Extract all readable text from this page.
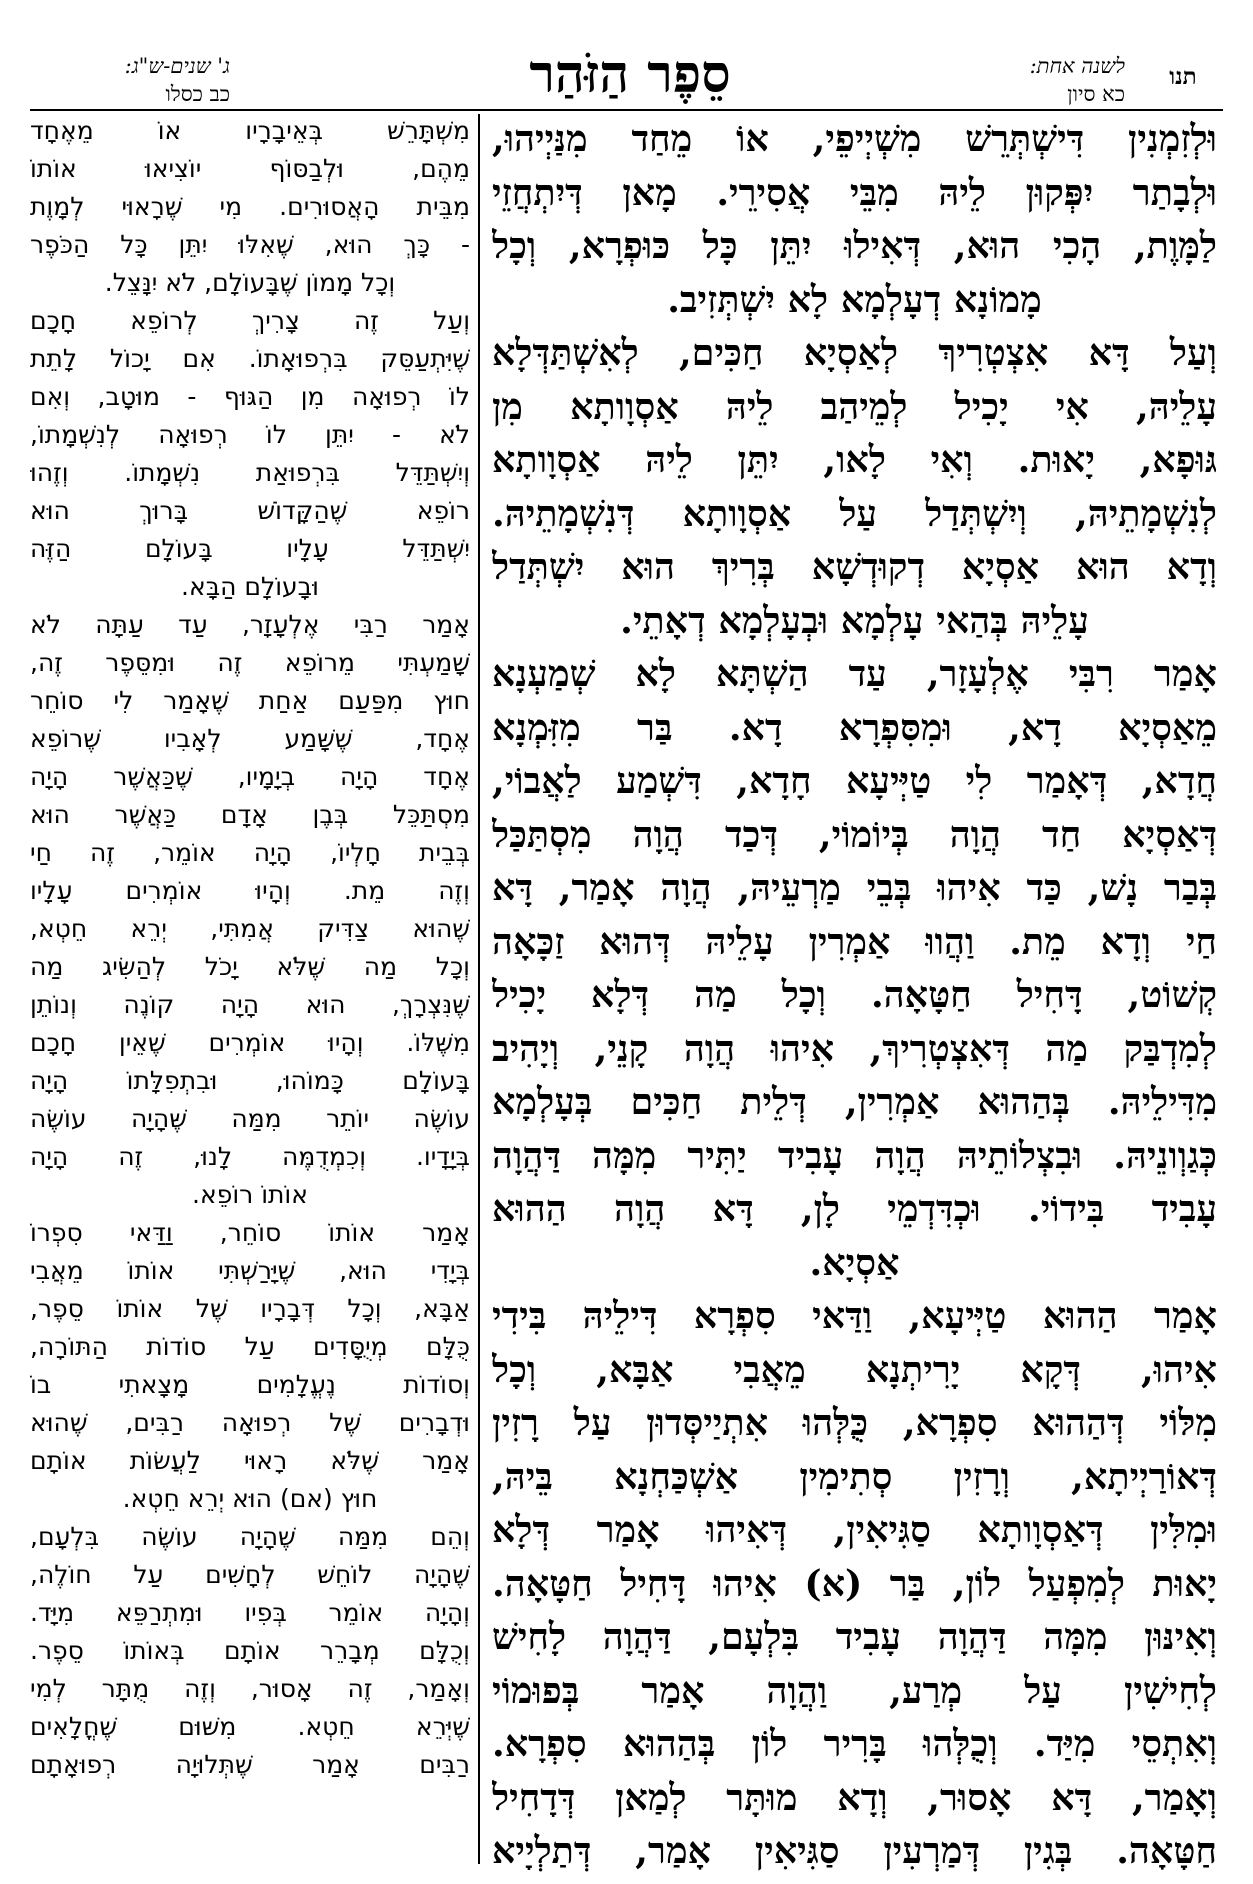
תנו
לשנה אחת:
כא סיון
סֵפֶר הַזֹּהַר
ג' שנים-ש"ג:
כב כסלו
וּלְזִמְנִין דִּישְׁתְּרֵשׁ מִשְׁיְיפֵי, אוֹ מֵחַד מִנַּיְיהוּ,
וּלְבָתַר יִפְּקוּן לֵיהּ מִבֵּי אֲסִירֵי. מָאן דְּיִתְחֲזֵי
לַמָּוֶת, הָכִי הוּא, דְּאִילוּ יִתֵּן כָּל כּוּפְרָא, וְכָל
מָמוֹנָא דְעָלְמָא לָא יִשְׁתְּזִיב.
וְעַל דָּא אִצְטְרִיךְ לְאַסְיָא חַכִּים, לְאִשְׁתַּדְּלָא
עָלֵיהּ, אִי יָכִיל לְמֵיהַב לֵיהּ אַסְוָותָא מִן
גּוּפָא, יָאוּת. וְאִי לָאו, יִתֵּן לֵיהּ אַסְוָותָא
לְנִשְׁמָתֵיהּ, וְיִשְׁתְּדַל עַל אַסְוָותָא דְּנִשְׁמָתֵיהּ.
וְדָא הוּא אַסְיָא דְקוּדְשָׁא בְּרִיךְ הוּא יִשְׁתְּדַל
עָלֵיהּ בְּהַאי עָלְמָא וּבְעָלְמָא דְאָתֵי.
אָמַר רִבִּי אֶלְעָזָר, עַד הַשְׁתָּא לָא שְׁמַעְנָא
מֵאַסְיָא דָא, וּמִסִּפְרָא דָא. בַּר מִזִּמְנָא
חֲדָא, דְּאָמַר לִי טַיְּיעָא חָדָא, דִּשְׁמַע לַאֲבוֹי,
דְּאַסְיָא חַד הֲוָה בְּיוֹמוֹי, דְּכַד הֲוָה מִסְתַּכַּל
בְּבַר נָשׁ, כַּד אִיהוּ בְּבֵי מַרְעֵיהּ, הֲוָה אָמַר, דָּא
חַי וְדָא מֵת. וַהֲווּ אַמְרִין עָלֵיהּ דְּהוּא זַכָּאָה
קְשׁוֹט, דָּחִיל חַטָּאָה. וְכָל מַה דְּלָא יָכִיל
לְמִדְבַּק מַה דְּאִצְטְרִיךְ, אִיהוּ הֲוָה קָנֵי, וְיָהִיב
מִדִּילֵיהּ. בְּהַהוּא אַמְרִין, דְּלֵית חַכִּים בְּעָלְמָא
כְּגַוְונֵיהּ. וּבִצְלוֹתֵיהּ הֲוָה עָבִיד יַתִּיר מִמָּה דַּהֲוָה
עָבִיד בִּידוֹי. וּכְדִּדְמֵי לָן, דָּא הֲוָה הַהוּא
אַסְיָא.
אָמַר הַהוּא טַיְּיעָא, וַדַּאי סִפְרָא דִּילֵיהּ בִּידִי
אִיהוּ, דְּקָא יָרִיתְנָא מֵאֲבִי אַבָּא, וְכָל
מִלּוֹי דְּהַהוּא סִפְרָא, כֻּלְּהוּ אִתְיַיסְּדוּן עַל רָזִין
דְּאוֹרַיְיתָא, וְרָזִין סְתִימִין אַשְׁכַּחְנָא בֵּיהּ,
וּמִלִּין דְּאַסְוָותָא סַגִּיאִין, דְּאִיהוּ אָמַר דְּלָא
יָאוּת לְמִפְעַל לוֹן, בַּר (א) אִיהוּ דָּחִיל חַטָּאָה.
וְאִינּוּן מִמָּה דַּהֲוָה עָבִיד בִּלְעָם, דַּהֲוָה לָחִישׁ
לְחִישִׁין עַל מְרַע, וַהֲוָה אָמַר בְּפוּמוֹי
וְאִתְסֵי מִיַּד. וְכֻלְּהוּ בָּרִיר לוֹן בְּהַהוּא סִפְרָא.
וְאָמַר, דָּא אָסוּר, וְדָא מוּתָּר לְמַאן דְּדָחִיל
חַטָּאָה. בְּגִין דְּמַרְעִין סַגִּיאִין אָמַר, דְּתַלְיָיא
מִשְׁתָּרֵשׁ בְּאֵיבָרָיו אוֹ מֵאֶחָד
מֵהֶם, וּלְבַסּוֹף יוֹצִיאוּ אוֹתוֹ
מִבֵּית הָאֲסוּרִים. מִי שֶׁרָאוּי לְמָוֶת
- כָּךְ הוּא, שֶׁאִלּוּ יִתֵּן כָּל הַכֹּפֶר
וְכָל מָמוֹן שֶׁבָּעוֹלָם, לֹא יִנָּצֵל.
וְעַל זֶה צָרִיךְ לְרוֹפֵא חָכָם
שֶׁיִּתְעַסֵּק בִּרְפוּאָתוֹ. אִם יָכוֹל לָתֵת
לוֹ רְפוּאָה מִן הַגּוּף - מוּטָב, וְאִם
לֹא - יִתֵּן לוֹ רְפוּאָה לְנִשְׁמָתוֹ,
וְיִשְׁתַּדֵּל בִּרְפוּאַת נִשְׁמָתוֹ. וְזֶהוּ
רוֹפֵא שֶׁהַקָּדוֹשׁ בָּרוּךְ הוּא
יִשְׁתַּדֵּל עָלָיו בָּעוֹלָם הַזֶּה
וּבָעוֹלָם הַבָּא.
אָמַר רַבִּי אֶלְעָזָר, עַד עַתָּה לֹא
שָׁמַעְתִּי מֵרוֹפֵא זֶה וּמִסֵּפֶר זֶה,
חוּץ מִפַּעַם אַחַת שֶׁאָמַר לִי סוֹחֵר
אֶחָד, שֶׁשָּׁמַע לְאָבִיו שֶׁרוֹפֵא
אֶחָד הָיָה בְיָמָיו, שֶׁכַּאֲשֶׁר הָיָה
מִסְתַּכֵּל בְּבֶן אָדָם כַּאֲשֶׁר הוּא
בְּבֵית חָלְיוֹ, הָיָה אוֹמֵר, זֶה חַי
וְזֶה מֵת. וְהָיוּ אוֹמְרִים עָלָיו
שֶׁהוּא צַדִּיק אֲמִתִּי, יְרֵא חֵטְא,
וְכָל מַה שֶּׁלֹּא יָכֹל לְהַשִּׂיג מַה
שֶּׁנִּצְרָךְ, הוּא הָיָה קוֹנֶה וְנוֹתֵן
מִשֶּׁלּוֹ. וְהָיוּ אוֹמְרִים שֶׁאֵין חָכָם
בָּעוֹלָם כָּמוֹהוּ, וּבִתְפִלָּתוֹ הָיָה
עוֹשֶׂה יוֹתֵר מִמַּה שֶּׁהָיָה עוֹשֶׂה
בְּיָדָיו. וְכִמְדֻמֶּה לָנוּ, זֶה הָיָה
אוֹתוֹ רוֹפֵא.
אָמַר אוֹתוֹ סוֹחֵר, וַדַּאי סִפְרוֹ
בְּיָדִי הוּא, שֶׁיָּרַשְׁתִּי אוֹתוֹ מֵאֲבִי
אַבָּא, וְכָל דְּבָרָיו שֶׁל אוֹתוֹ סֵפֶר,
כֻּלָּם מְיֻסָּדִים עַל סוֹדוֹת הַתּוֹרָה,
וְסוֹדוֹת נֶעֱלָמִים מָצָאתִי בוֹ
וּדְבָרִים שֶׁל רְפוּאָה רַבִּים, שֶׁהוּא
אָמַר שֶׁלֹּא רָאוּי לַעֲשׂוֹת אוֹתָם
חוּץ (אם) הוּא יְרֵא חֵטְא.
וְהֵם מִמַּה שֶׁהָיָה עוֹשֶׂה בִּלְעָם,
שֶׁהָיָה לוֹחֵשׁ לְחָשִׁים עַל חוֹלֶה,
וְהָיָה אוֹמֵר בְּפִיו וּמִתְרַפֵּא מִיָּד.
וְכֻלָּם מְבָרֵר אוֹתָם בְּאוֹתוֹ סֵפֶר.
וְאָמַר, זֶה אָסוּר, וְזֶה מֻתָּר לְמִי
שֶׁיְּרֵא חֵטְא. מִשּׁוּם שֶׁחֳלָאִים
רַבִּים אָמַר שֶׁתְּלוּיָה רְפוּאָתָם
